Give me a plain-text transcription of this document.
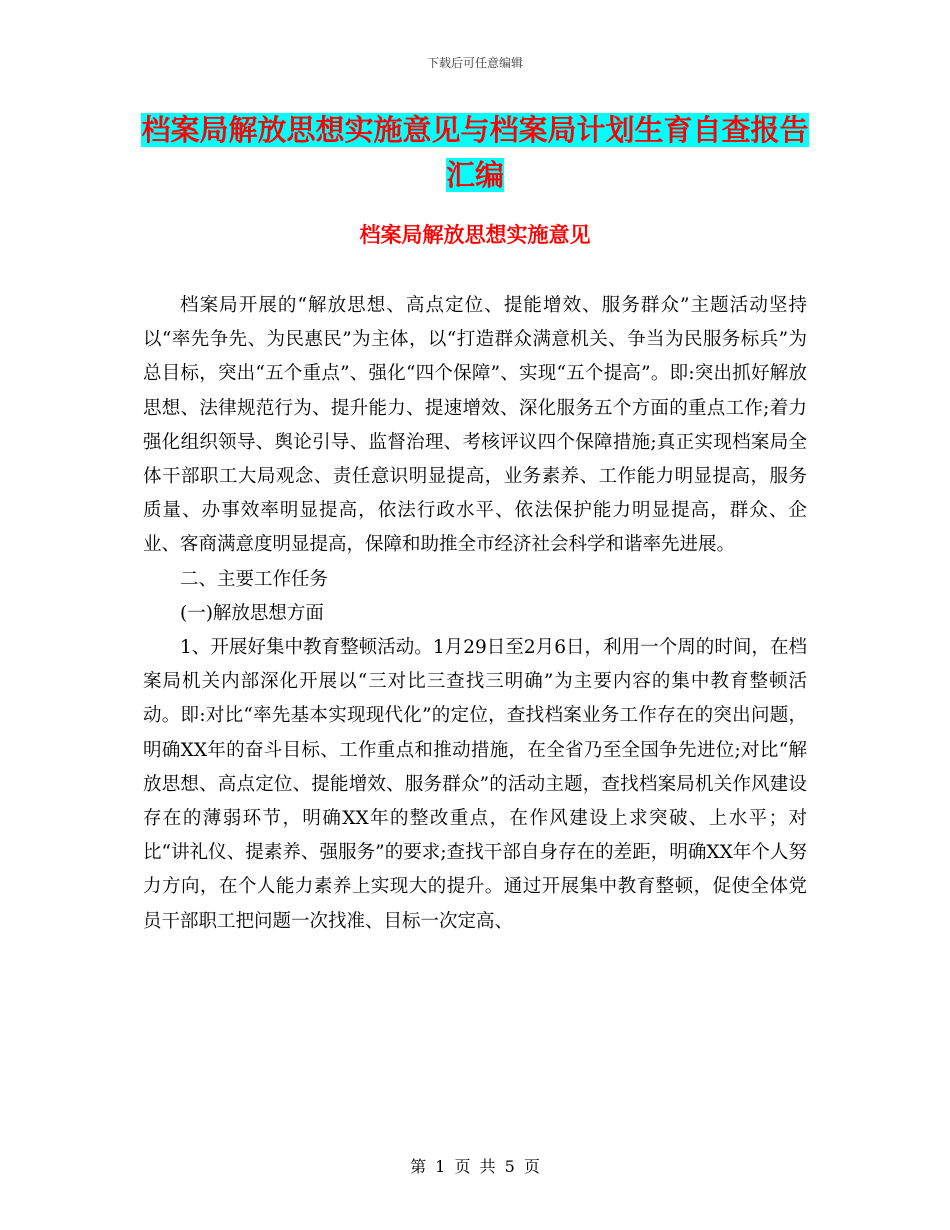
下载后可任意编辑
档案局解放思想实施意见与档案局计划生育自查报告
汇编
档案局解放思想实施意见

档案局开展的“解放思想、高点定位、提能增效、服务群众”主题活动坚持以“率先争先、为民惠民”为主体，以“打造群众满意机关、争当为民服务标兵”为总目标，突出“五个重点”、强化“四个保障”、实现“五个提高”。即:突出抓好解放思想、法律规范行为、提升能力、提速增效、深化服务五个方面的重点工作;着力强化组织领导、舆论引导、监督治理、考核评议四个保障措施;真正实现档案局全体干部职工大局观念、责任意识明显提高，业务素养、工作能力明显提高，服务质量、办事效率明显提高，依法行政水平、依法保护能力明显提高，群众、企业、客商满意度明显提高，保障和助推全市经济社会科学和谐率先进展。

二、主要工作任务

(一)解放思想方面

1、开展好集中教育整顿活动。1月29日至2月6日，利用一个周的时间，在档案局机关内部深化开展以“三对比三查找三明确”为主要内容的集中教育整顿活动。即:对比“率先基本实现现代化”的定位，查找档案业务工作存在的突出问题，明确XX年的奋斗目标、工作重点和推动措施，在全省乃至全国争先进位;对比“解放思想、高点定位、提能增效、服务群众”的活动主题，查找档案局机关作风建设存在的薄弱环节，明确XX年的整改重点，在作风建设上求突破、上水平；对比“讲礼仪、提素养、强服务”的要求;查找干部自身存在的差距，明确XX年个人努力方向，在个人能力素养上实现大的提升。通过开展集中教育整顿，促使全体党员干部职工把问题一次找准、目标一次定高、

第 1 页 共 5 页
